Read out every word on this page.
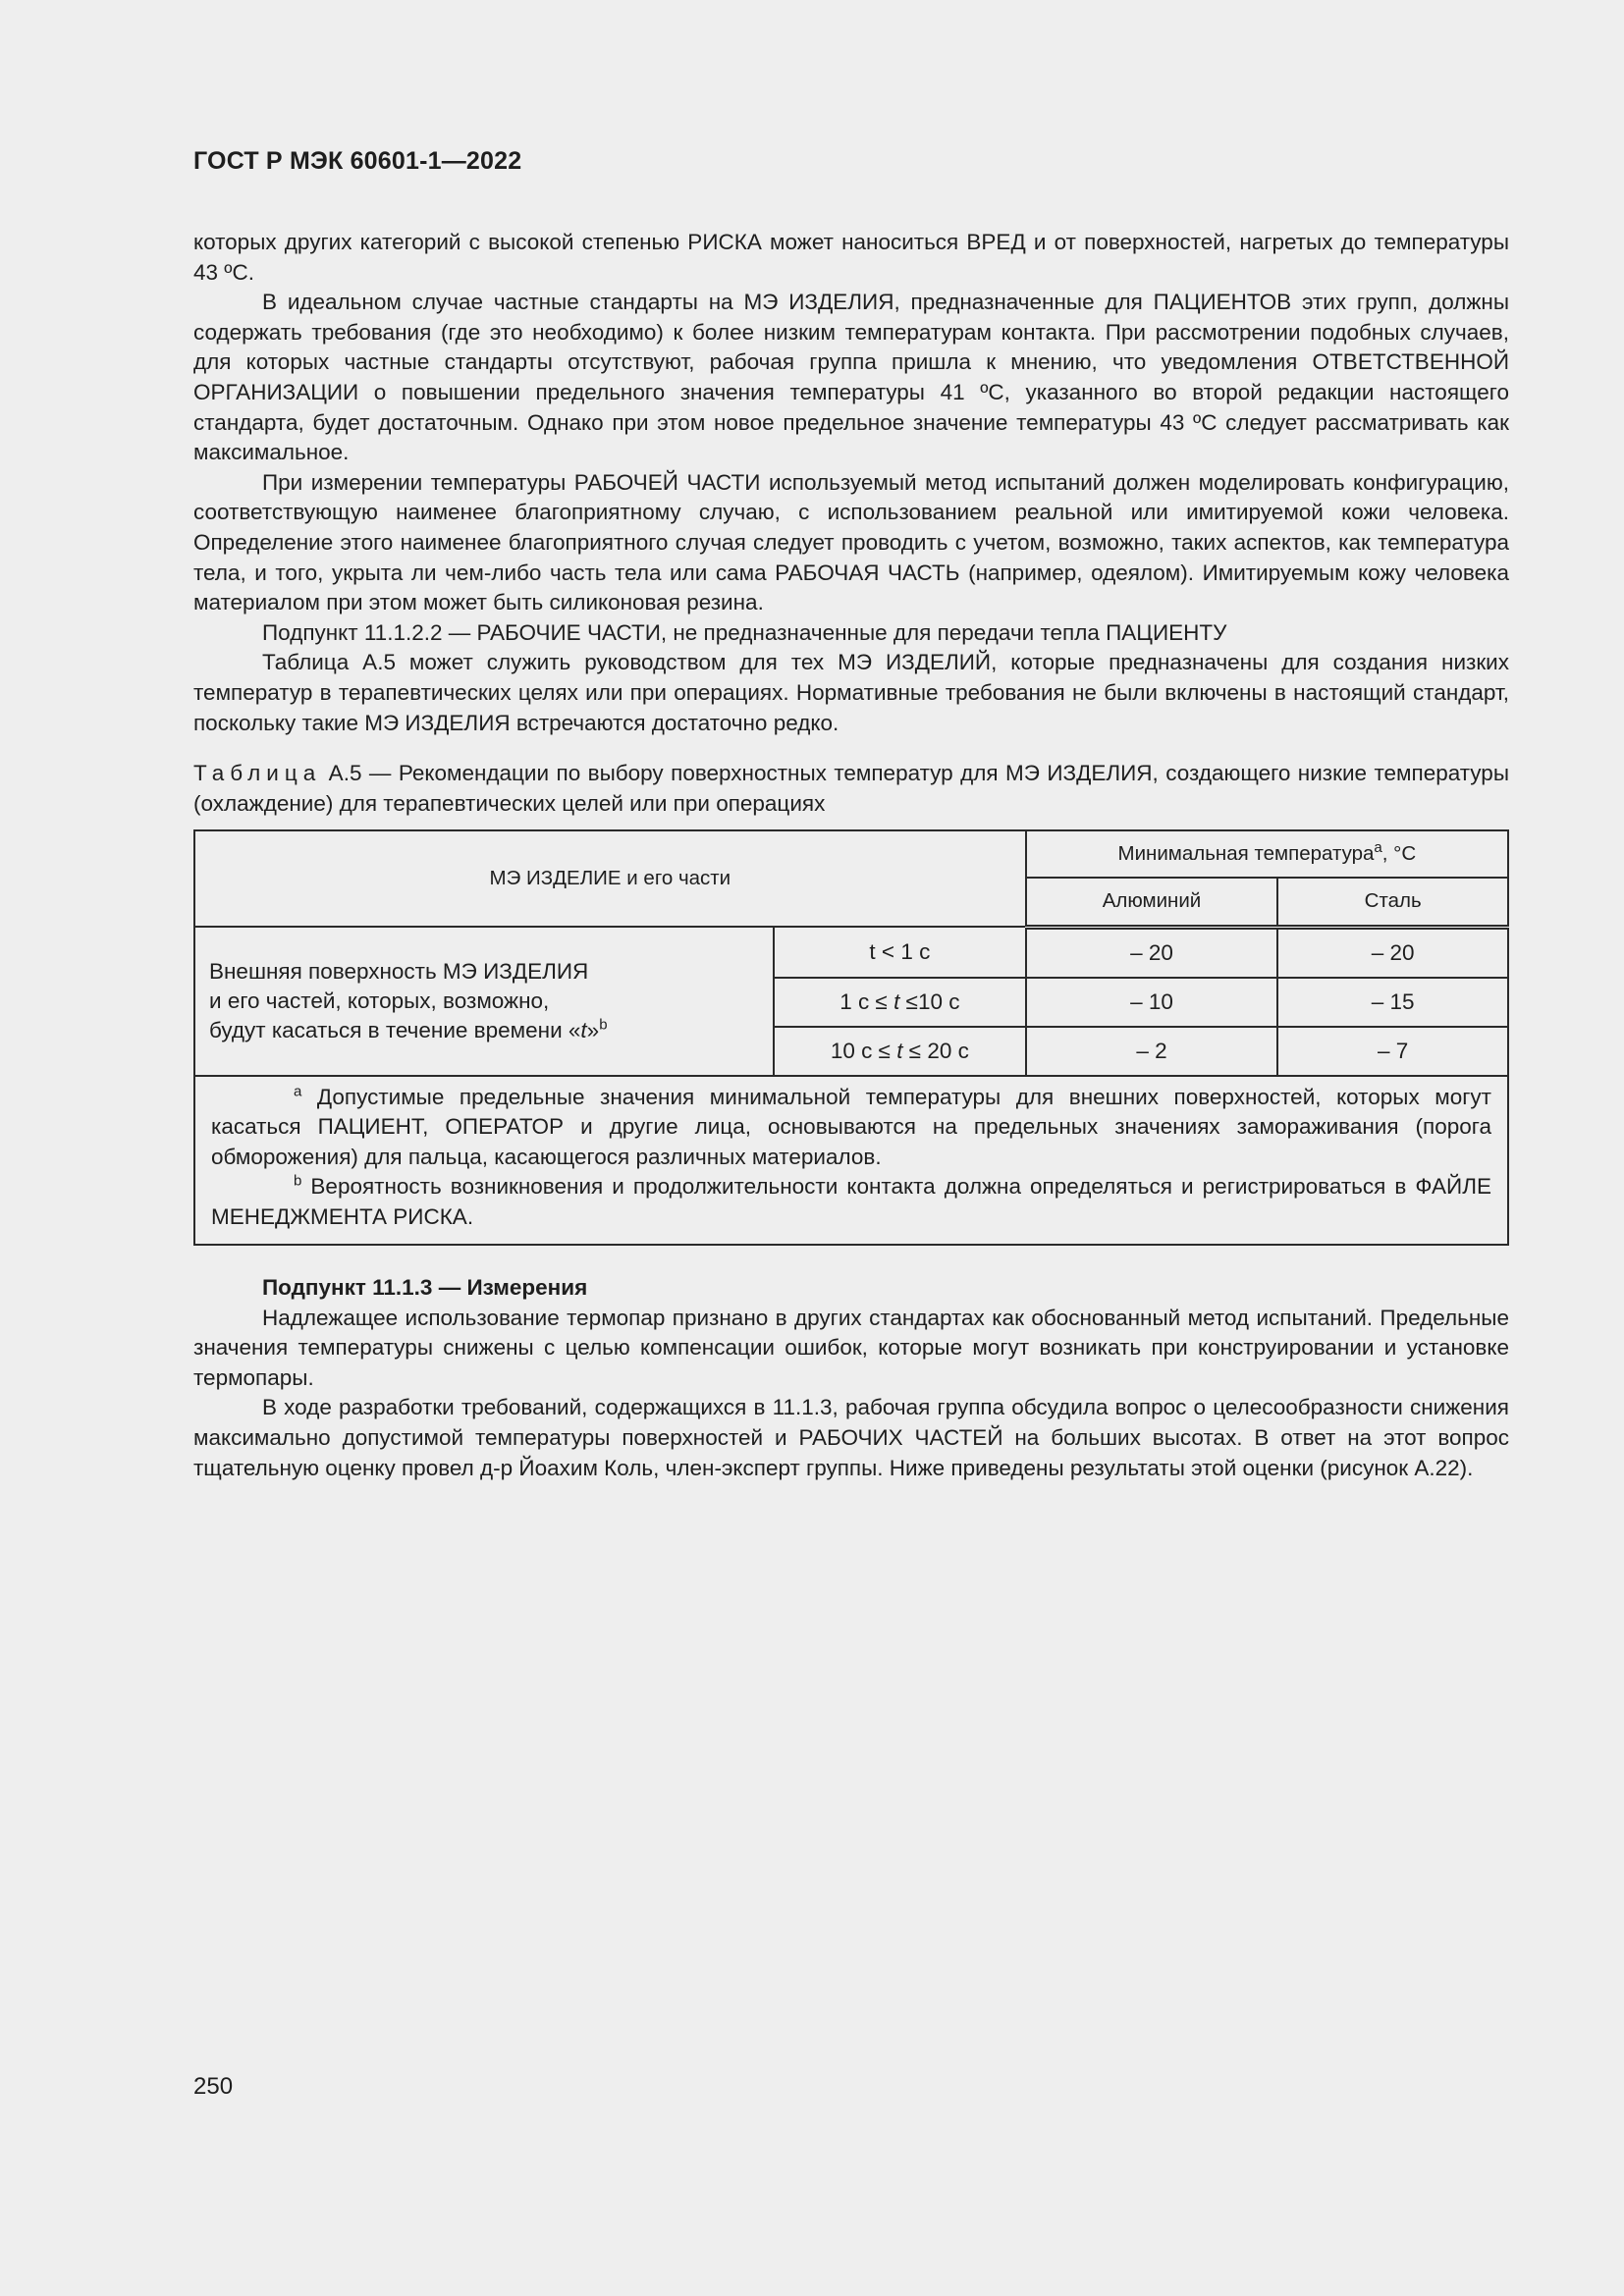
ГОСТ Р МЭК 60601-1—2022

которых других категорий с высокой степенью РИСКА может наноситься ВРЕД и от поверхностей, нагретых до температуры 43 ºС.

В идеальном случае частные стандарты на МЭ ИЗДЕЛИЯ, предназначенные для ПАЦИЕНТОВ этих групп, должны содержать требования (где это необходимо) к более низким температурам контакта. При рассмотрении подобных случаев, для которых частные стандарты отсутствуют, рабочая группа пришла к мнению, что уведомления ОТВЕТСТВЕННОЙ ОРГАНИЗАЦИИ о повышении предельного значения температуры 41 ºС, указанного во второй редакции настоящего стандарта, будет достаточным. Однако при этом новое предельное значение температуры 43 ºС следует рассматривать как максимальное.

При измерении температуры РАБОЧЕЙ ЧАСТИ используемый метод испытаний должен моделировать конфигурацию, соответствующую наименее благоприятному случаю, с использованием реальной или имитируемой кожи человека. Определение этого наименее благоприятного случая следует проводить с учетом, возможно, таких аспектов, как температура тела, и того, укрыта ли чем-либо часть тела или сама РАБОЧАЯ ЧАСТЬ (например, одеялом). Имитируемым кожу человека материалом при этом может быть силиконовая резина.

Подпункт 11.1.2.2 — РАБОЧИЕ ЧАСТИ, не предназначенные для передачи тепла ПАЦИЕНТУ

Таблица А.5 может служить руководством для тех МЭ ИЗДЕЛИЙ, которые предназначены для создания низких температур в терапевтических целях или при операциях. Нормативные требования не были включены в настоящий стандарт, поскольку такие МЭ ИЗДЕЛИЯ встречаются достаточно редко.

Таблица А.5 — Рекомендации по выбору поверхностных температур для МЭ ИЗДЕЛИЯ, создающего низкие температуры (охлаждение) для терапевтических целей или при операциях
МЭ ИЗДЕЛИЕ и его части		Минимальная температура$^a$, °С	
		Алюминий	Сталь

Внешняя поверхность МЭ ИЗДЕЛИЯ
и его частей, которых, возможно,
будут касаться в течение времени «t»$^b$	t < 1 с	– 20	– 20
	1 с ≤ t ≤10 с	– 10	– 15
	10 с ≤ t ≤ 20 с	– 2	– 7

$^a$ Допустимые предельные значения минимальной температуры для внешних поверхностей, которых могут касаться ПАЦИЕНТ, ОПЕРАТОР и другие лица, основываются на предельных значениях замораживания (порога обморожения) для пальца, касающегося различных материалов.

$^b$ Вероятность возникновения и продолжительности контакта должна определяться и регистрироваться в ФАЙЛЕ МЕНЕДЖМЕНТА РИСКА.			

Подпункт 11.1.3 — Измерения

Надлежащее использование термопар признано в других стандартах как обоснованный метод испытаний. Предельные значения температуры снижены с целью компенсации ошибок, которые могут возникать при конструировании и установке термопары.

В ходе разработки требований, содержащихся в 11.1.3, рабочая группа обсудила вопрос о целесообразности снижения максимально допустимой температуры поверхностей и РАБОЧИХ ЧАСТЕЙ на больших высотах. В ответ на этот вопрос тщательную оценку провел д-р Йоахим Коль, член-эксперт группы. Ниже приведены результаты этой оценки (рисунок А.22).

250
